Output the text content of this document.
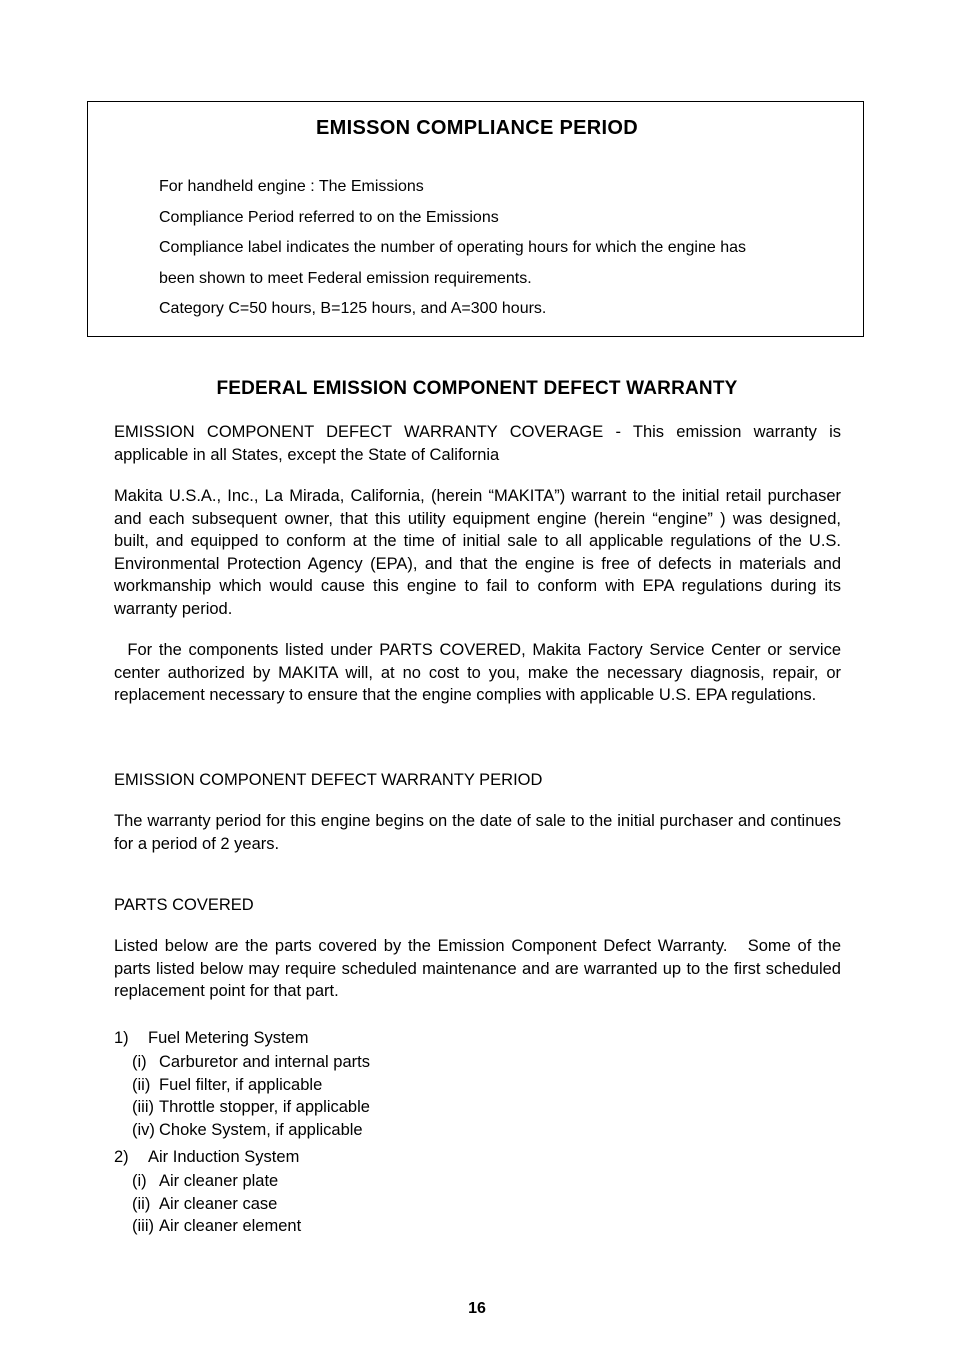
EMISSON COMPLIANCE PERIOD
For handheld engine : The Emissions
Compliance Period referred to on the Emissions
Compliance label indicates the number of operating hours for which the engine has
been shown to meet Federal emission requirements.
Category C=50 hours, B=125 hours, and A=300 hours.
FEDERAL EMISSION COMPONENT DEFECT WARRANTY
EMISSION COMPONENT DEFECT WARRANTY COVERAGE - This emission warranty is applicable in all States, except the State of California
Makita U.S.A., Inc., La Mirada, California, (herein “MAKITA”) warrant to the initial retail purchaser and each subsequent owner, that this utility equipment engine (herein “engine” ) was designed, built, and equipped to conform at the time of initial sale to all applicable regulations of the U.S. Environmental Protection Agency (EPA), and that the engine is free of defects in materials and workmanship which would cause this engine to fail to conform with EPA regulations during its warranty period.
For the components listed under PARTS COVERED, Makita Factory Service Center or service center authorized by MAKITA will, at no cost to you, make the necessary diagnosis, repair, or replacement necessary to ensure that the engine complies with applicable U.S. EPA regulations.
EMISSION COMPONENT DEFECT WARRANTY PERIOD
The warranty period for this engine begins on the date of sale to the initial purchaser and continues for a period of 2 years.
PARTS COVERED
Listed below are the parts covered by the Emission Component Defect Warranty.   Some of the parts listed below may require scheduled maintenance and are warranted up to the first scheduled replacement point for that part.
1) Fuel Metering System
(i) Carburetor and internal parts
(ii) Fuel filter, if applicable
(iii) Throttle stopper, if applicable
(iv) Choke System, if applicable
2) Air Induction System
(i) Air cleaner plate
(ii) Air cleaner case
(iii) Air cleaner element
16
